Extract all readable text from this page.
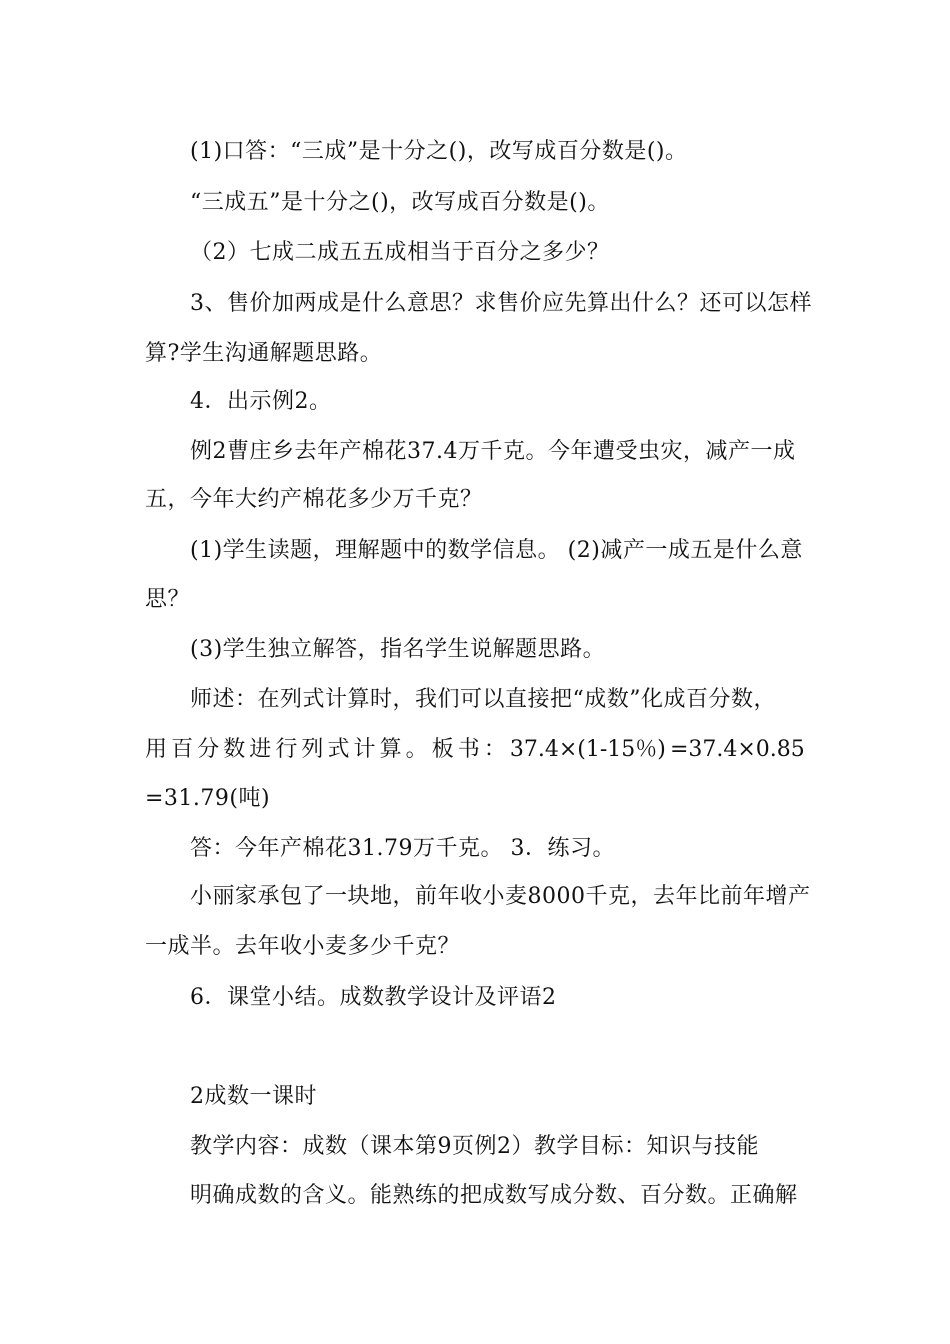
(1)口答：“三成”是十分之()，改写成百分数是()。
“三成五”是十分之()，改写成百分数是()。
（2）七成二成五五成相当于百分之多少？
3、售价加两成是什么意思？求售价应先算出什么？还可以怎样
算?学生沟通解题思路。
4．出示例2。
例2曹庄乡去年产棉花37.4万千克。今年遭受虫灾，减产一成
五，今年大约产棉花多少万千克？
(1)学生读题，理解题中的数学信息。 (2)减产一成五是什么意
思？
(3)学生独立解答，指名学生说解题思路。
师述：在列式计算时，我们可以直接把“成数”化成百分数，
用 百 分 数 进 行 列 式 计 算 。 板 书 ： 37.4×(1-15％) =37.4×0.85
=31.79(吨)
答：今年产棉花31.79万千克。 3．练习。
小丽家承包了一块地，前年收小麦8000千克，去年比前年增产
一成半。去年收小麦多少千克？
6．课堂小结。成数教学设计及评语2
2成数一课时
教学内容：成数（课本第9页例2）教学目标：知识与技能
明确成数的含义。能熟练的把成数写成分数、百分数。正确解
